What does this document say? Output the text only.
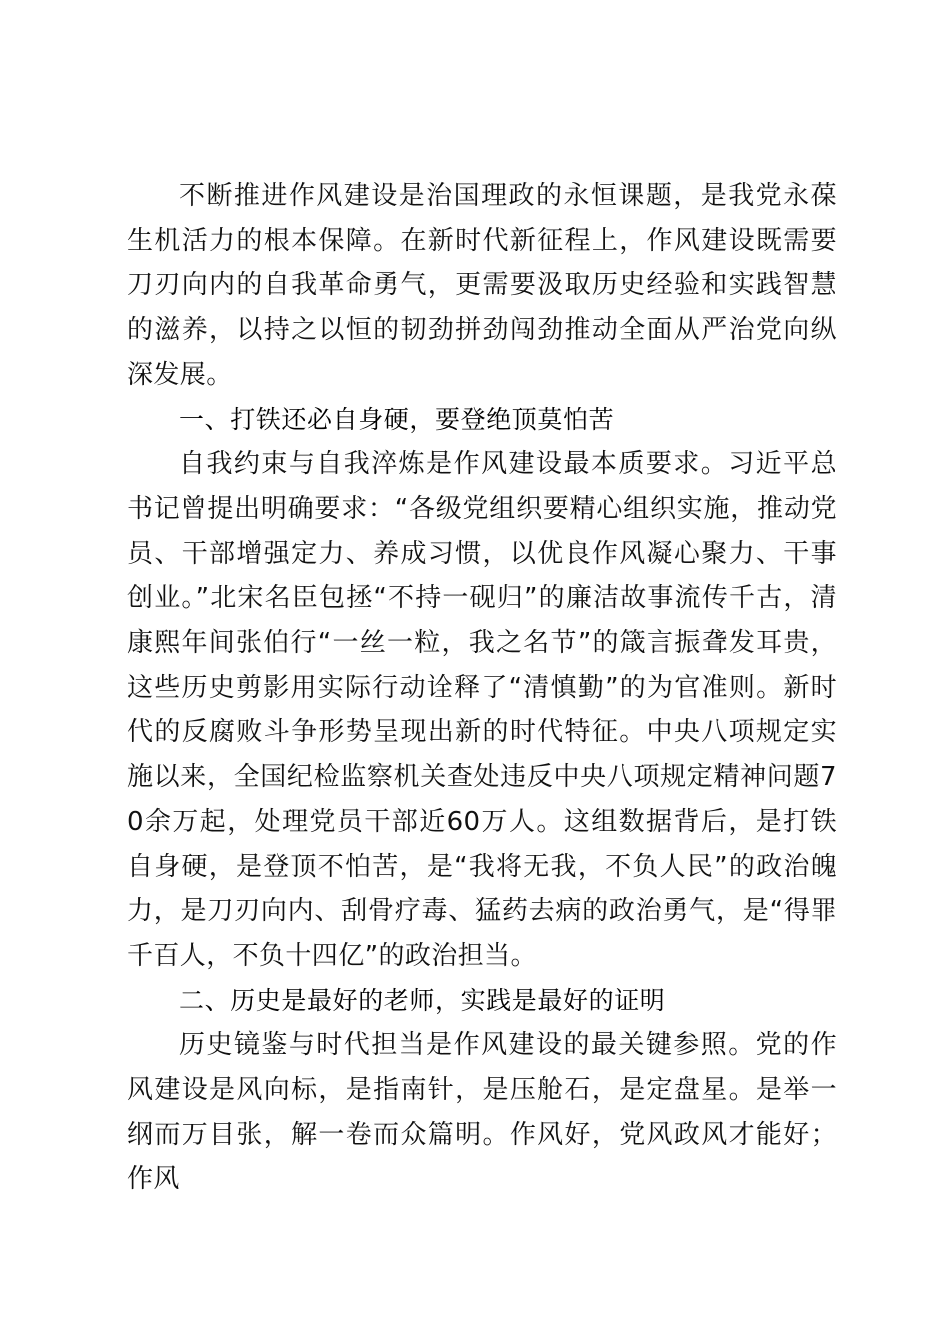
不断推进作风建设是治国理政的永恒课题，是我党永葆生机活力的根本保障。在新时代新征程上，作风建设既需要刀刃向内的自我革命勇气，更需要汲取历史经验和实践智慧的滋养，以持之以恒的韧劲拼劲闯劲推动全面从严治党向纵深发展。

一、打铁还必自身硬，要登绝顶莫怕苦

自我约束与自我淬炼是作风建设最本质要求。习近平总书记曾提出明确要求：“各级党组织要精心组织实施，推动党员、干部增强定力、养成习惯，以优良作风凝心聚力、干事创业。”北宋名臣包拯“不持一砚归”的廉洁故事流传千古，清康熙年间张伯行“一丝一粒，我之名节”的箴言振聋发耳贵，这些历史剪影用实际行动诠释了“清慎勤”的为官准则。新时代的反腐败斗争形势呈现出新的时代特征。中央八项规定实施以来，全国纪检监察机关查处违反中央八项规定精神问题70余万起，处理党员干部近60万人。这组数据背后，是打铁自身硬，是登顶不怕苦，是“我将无我，不负人民”的政治魄力，是刀刃向内、刮骨疗毒、猛药去病的政治勇气，是“得罪千百人，不负十四亿”的政治担当。

二、历史是最好的老师，实践是最好的证明

历史镜鉴与时代担当是作风建设的最关键参照。党的作风建设是风向标，是指南针，是压舱石，是定盘星。是举一纲而万目张，解一卷而众篇明。作风好，党风政风才能好；作风
